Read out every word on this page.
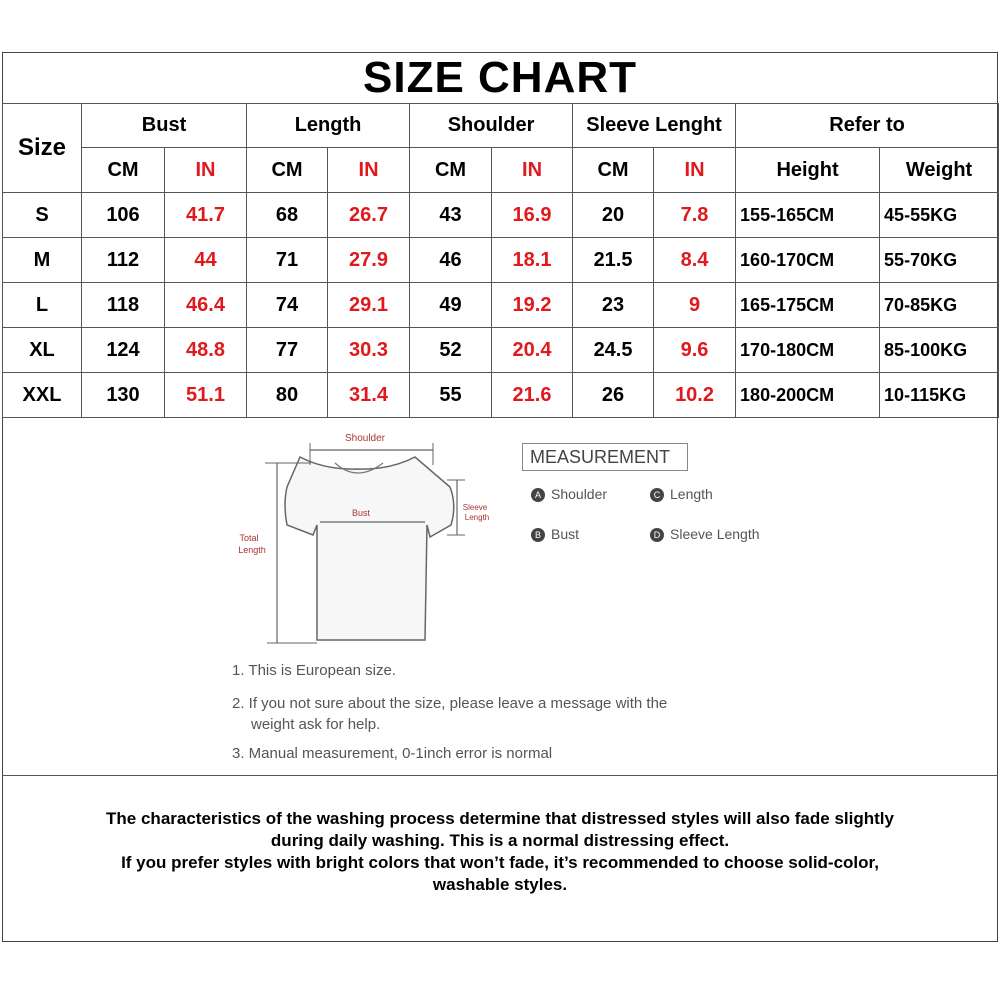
SIZE CHART
Size	Bust		Length		Shoulder		Sleeve Lenght		Refer to	
	CM	IN	CM	IN	CM	IN	CM	IN	Height	Weight
S	106	41.7	68	26.7	43	16.9	20	7.8	155-165CM	45-55KG
M	112	44	71	27.9	46	18.1	21.5	8.4	160-170CM	55-70KG
L	118	46.4	74	29.1	49	19.2	23	9	165-175CM	70-85KG
XL	124	48.8	77	30.3	52	20.4	24.5	9.6	170-180CM	85-100KG
XXL	130	51.1	80	31.4	55	21.6	26	10.2	180-200CM	10-115KG
Shoulder
Bust
Sleeve
Length
Total
Length
MEASUREMENT
A Shoulder
B Bust
C Length
D Sleeve Length
1. This is European size.
2. If you not sure about the size, please leave a message with the
weight ask for help.
3. Manual measurement, 0-1inch error is normal

The characteristics of the washing process determine that distressed styles will also fade slightly

during daily washing. This is a normal distressing effect.

If you prefer styles with bright colors that won’t fade, it’s recommended to choose solid-color,

washable styles.
